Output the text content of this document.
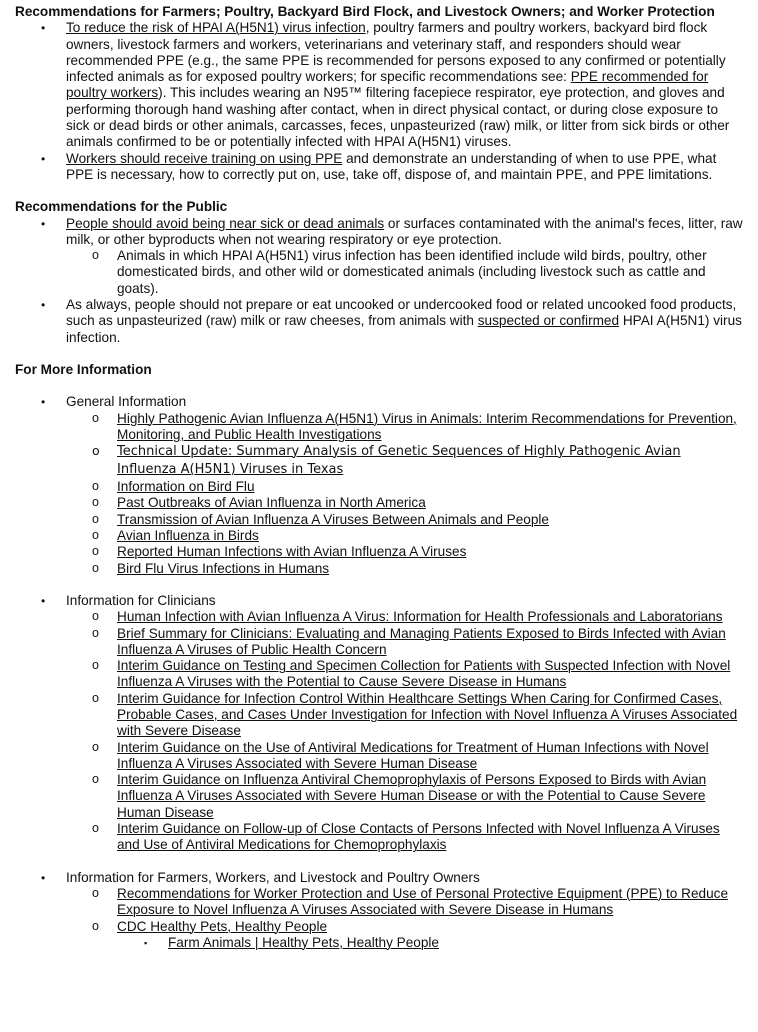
Recommendations for Farmers; Poultry, Backyard Bird Flock, and Livestock Owners; and Worker Protection
• To reduce the risk of HPAI A(H5N1) virus infection, poultry farmers and poultry workers, backyard bird flock owners, livestock farmers and workers, veterinarians and veterinary staff, and responders should wear recommended PPE (e.g., the same PPE is recommended for persons exposed to any confirmed or potentially infected animals as for exposed poultry workers; for specific recommendations see: PPE recommended for poultry workers). This includes wearing an N95™ filtering facepiece respirator, eye protection, and gloves and performing thorough hand washing after contact, when in direct physical contact, or during close exposure to sick or dead birds or other animals, carcasses, feces, unpasteurized (raw) milk, or litter from sick birds or other animals confirmed to be or potentially infected with HPAI A(H5N1) viruses.
• Workers should receive training on using PPE and demonstrate an understanding of when to use PPE, what PPE is necessary, how to correctly put on, use, take off, dispose of, and maintain PPE, and PPE limitations.
Recommendations for the Public
• People should avoid being near sick or dead animals or surfaces contaminated with the animal's feces, litter, raw milk, or other byproducts when not wearing respiratory or eye protection.
o Animals in which HPAI A(H5N1) virus infection has been identified include wild birds, poultry, other domesticated birds, and other wild or domesticated animals (including livestock such as cattle and goats).
• As always, people should not prepare or eat uncooked or undercooked food or related uncooked food products, such as unpasteurized (raw) milk or raw cheeses, from animals with suspected or confirmed HPAI A(H5N1) virus infection.
For More Information
• General Information
o Highly Pathogenic Avian Influenza A(H5N1) Virus in Animals: Interim Recommendations for Prevention, Monitoring, and Public Health Investigations
o Technical Update: Summary Analysis of Genetic Sequences of Highly Pathogenic Avian Influenza A(H5N1) Viruses in Texas
o Information on Bird Flu
o Past Outbreaks of Avian Influenza in North America
o Transmission of Avian Influenza A Viruses Between Animals and People
o Avian Influenza in Birds
o Reported Human Infections with Avian Influenza A Viruses
o Bird Flu Virus Infections in Humans
• Information for Clinicians
o Human Infection with Avian Influenza A Virus: Information for Health Professionals and Laboratorians
o Brief Summary for Clinicians: Evaluating and Managing Patients Exposed to Birds Infected with Avian Influenza A Viruses of Public Health Concern
o Interim Guidance on Testing and Specimen Collection for Patients with Suspected Infection with Novel Influenza A Viruses with the Potential to Cause Severe Disease in Humans
o Interim Guidance for Infection Control Within Healthcare Settings When Caring for Confirmed Cases, Probable Cases, and Cases Under Investigation for Infection with Novel Influenza A Viruses Associated with Severe Disease
o Interim Guidance on the Use of Antiviral Medications for Treatment of Human Infections with Novel Influenza A Viruses Associated with Severe Human Disease
o Interim Guidance on Influenza Antiviral Chemoprophylaxis of Persons Exposed to Birds with Avian Influenza A Viruses Associated with Severe Human Disease or with the Potential to Cause Severe Human Disease
o Interim Guidance on Follow-up of Close Contacts of Persons Infected with Novel Influenza A Viruses and Use of Antiviral Medications for Chemoprophylaxis
• Information for Farmers, Workers, and Livestock and Poultry Owners
o Recommendations for Worker Protection and Use of Personal Protective Equipment (PPE) to Reduce Exposure to Novel Influenza A Viruses Associated with Severe Disease in Humans
o CDC Healthy Pets, Healthy People
▪ Farm Animals | Healthy Pets, Healthy People
